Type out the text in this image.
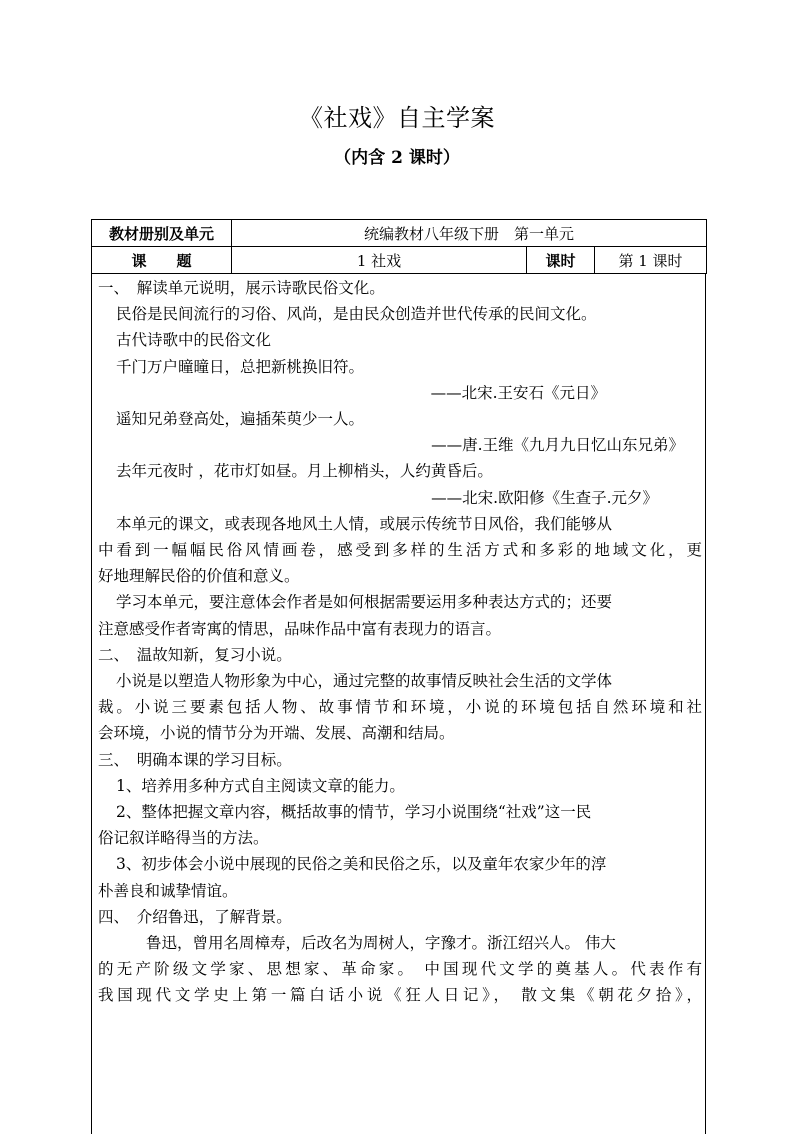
《社戏》自主学案
（内含 2 课时）
教材册别及单元	统编教材八年级下册　第一单元		
课　　题	1 社戏	课时	第 1 课时

一、　解读单元说明，展示诗歌民俗文化。

民俗是民间流行的习俗、风尚，是由民众创造并世代传承的民间文化。

古代诗歌中的民俗文化

千门万户曈曈日，总把新桃换旧符。

——北宋.王安石《元日》

遥知兄弟登高处，遍插茱萸少一人。

——唐.王维《九月九日忆山东兄弟》

去年元夜时 ，花市灯如昼。月上柳梢头，人约黄昏后。

——北宋.欧阳修《生查子.元夕》

本单元的课文，或表现各地风土人情，或展示传统节日风俗，我们能够从

中看到一幅幅民俗风情画卷，感受到多样的生活方式和多彩的地域文化，更

好地理解民俗的价值和意义。

学习本单元，要注意体会作者是如何根据需要运用多种表达方式的；还要

注意感受作者寄寓的情思，品味作品中富有表现力的语言。

二、　温故知新，复习小说。

小说是以塑造人物形象为中心，通过完整的故事情反映社会生活的文学体

裁。小说三要素包括人物、故事情节和环境，小说的环境包括自然环境和社

会环境，小说的情节分为开端、发展、高潮和结局。

三、　明确本课的学习目标。

1、培养用多种方式自主阅读文章的能力。

2、整体把握文章内容，概括故事的情节，学习小说围绕“社戏”这一民

俗记叙详略得当的方法。

3、初步体会小说中展现的民俗之美和民俗之乐，以及童年农家少年的淳

朴善良和诚挚情谊。

四、　介绍鲁迅，了解背景。

鲁迅，曾用名周樟寿，后改名为周树人，字豫才。浙江绍兴人。 伟大

的无产阶级文学家、思想家、革命家。 中国现代文学的奠基人。代表作有

我国现代文学史上第一篇白话小说《狂人日记》， 散文集《朝花夕拾》，
